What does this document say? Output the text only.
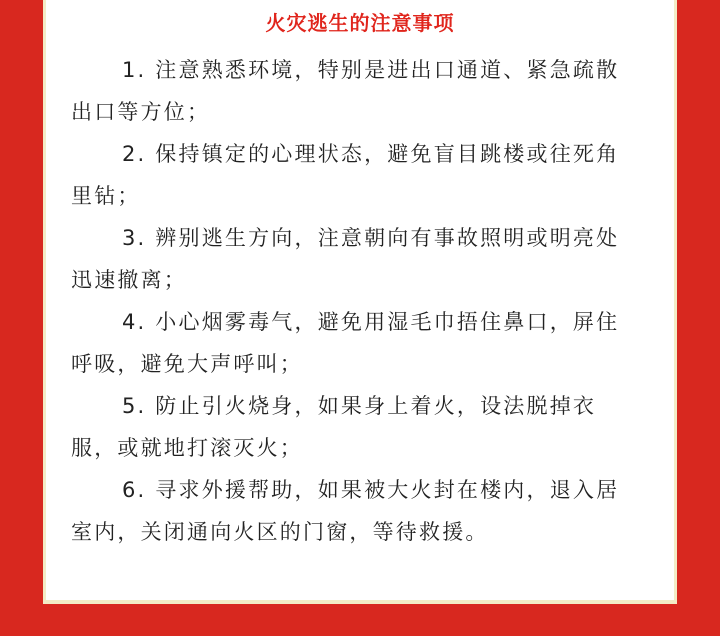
火灾逃生的注意事项
1. 注意熟悉环境，特别是进出口通道、紧急疏散出口等方位；
2. 保持镇定的心理状态，避免盲目跳楼或往死角里钻；
3. 辨别逃生方向，注意朝向有事故照明或明亮处迅速撤离；
4. 小心烟雾毒气，避免用湿毛巾捂住鼻口，屏住呼吸，避免大声呼叫；
5. 防止引火烧身，如果身上着火，设法脱掉衣服，或就地打滚灭火；
6. 寻求外援帮助，如果被大火封在楼内，退入居室内，关闭通向火区的门窗，等待救援。
